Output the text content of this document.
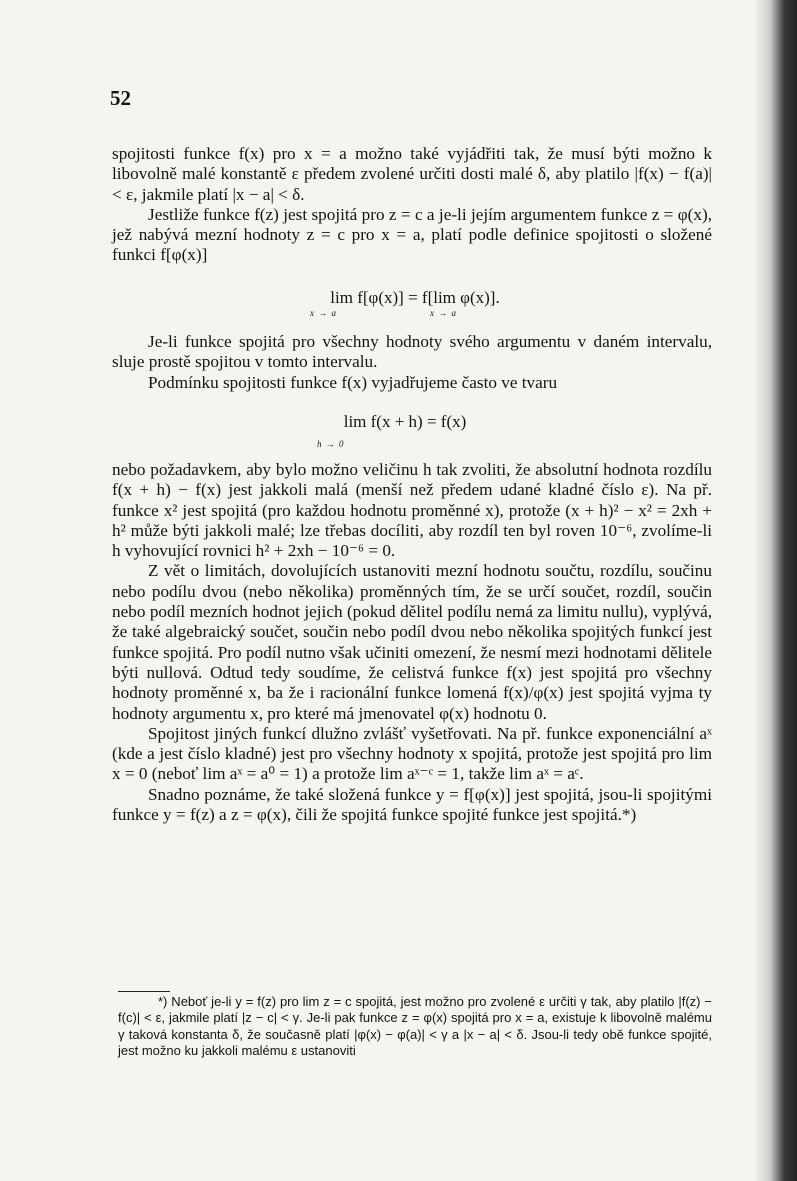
52

spojitosti funkce f(x) pro x = a možno také vyjádřiti tak, že musí býti možno k libovolně malé konstantě ε předem zvolené určiti dosti malé δ, aby platilo |f(x) − f(a)| < ε, jakmile platí |x − a| < δ.

Jestliže funkce f(z) jest spojitá pro z = c a je-li jejím argumentem funkce z = φ(x), jež nabývá mezní hodnoty z = c pro x = a, platí podle definice spojitosti o složené funkci f[φ(x)]

lim f[φ(x)] = f[lim φ(x)].
x → a	x → a

Je-li funkce spojitá pro všechny hodnoty svého argumentu v daném intervalu, sluje prostě spojitou v tomto intervalu.

Podmínku spojitosti funkce f(x) vyjadřujeme často ve tvaru

lim f(x + h) = f(x)
h → 0

nebo požadavkem, aby bylo možno veličinu h tak zvoliti, že absolutní hodnota rozdílu f(x + h) − f(x) jest jakkoli malá (menší než předem udané kladné číslo ε). Na př. funkce x² jest spojitá (pro každou hodnotu proměnné x), protože (x + h)² − x² = 2xh + h² může býti jakkoli malé; lze třebas docíliti, aby rozdíl ten byl roven 10⁻⁶, zvolíme-li h vyhovující rovnici h² + 2xh − 10⁻⁶ = 0.

Z vět o limitách, dovolujících ustanoviti mezní hodnotu součtu, rozdílu, součinu nebo podílu dvou (nebo několika) proměnných tím, že se určí součet, rozdíl, součin nebo podíl mezních hodnot jejich (pokud dělitel podílu nemá za limitu nullu), vyplývá, že také algebraický součet, součin nebo podíl dvou nebo několika spojitých funkcí jest funkce spojitá. Pro podíl nutno však učiniti omezení, že nesmí mezi hodnotami dělitele býti nullová. Odtud tedy soudíme, že celistvá funkce f(x) jest spojitá pro všechny hodnoty proměnné x, ba že i racionální funkce lomená f(x)/φ(x) jest spojitá vyjma ty hodnoty argumentu x, pro které má jmenovatel φ(x) hodnotu 0.

Spojitost jiných funkcí dlužno zvlášť vyšetřovati. Na př. funkce exponenciální aˣ (kde a jest číslo kladné) jest pro všechny hodnoty x spojitá, protože jest spojitá pro lim x = 0 (neboť lim aˣ = a⁰ = 1) a protože lim aˣ⁻ᶜ = 1, takže lim aˣ = aᶜ.

Snadno poznáme, že také složená funkce y = f[φ(x)] jest spojitá, jsou-li spojitými funkce y = f(z) a z = φ(x), čili že spojitá funkce spojité funkce jest spojitá.*)

*) Neboť je-li y = f(z) pro lim z = c spojitá, jest možno pro zvolené ε určiti γ tak, aby platilo |f(z) − f(c)| < ε, jakmile platí |z − c| < γ. Je-li pak funkce z = φ(x) spojitá pro x = a, existuje k libovolně malému γ taková konstanta δ, že současně platí |φ(x) − φ(a)| < γ a |x − a| < δ. Jsou-li tedy obě funkce spojité, jest možno ku jakkoli malému ε ustanoviti
